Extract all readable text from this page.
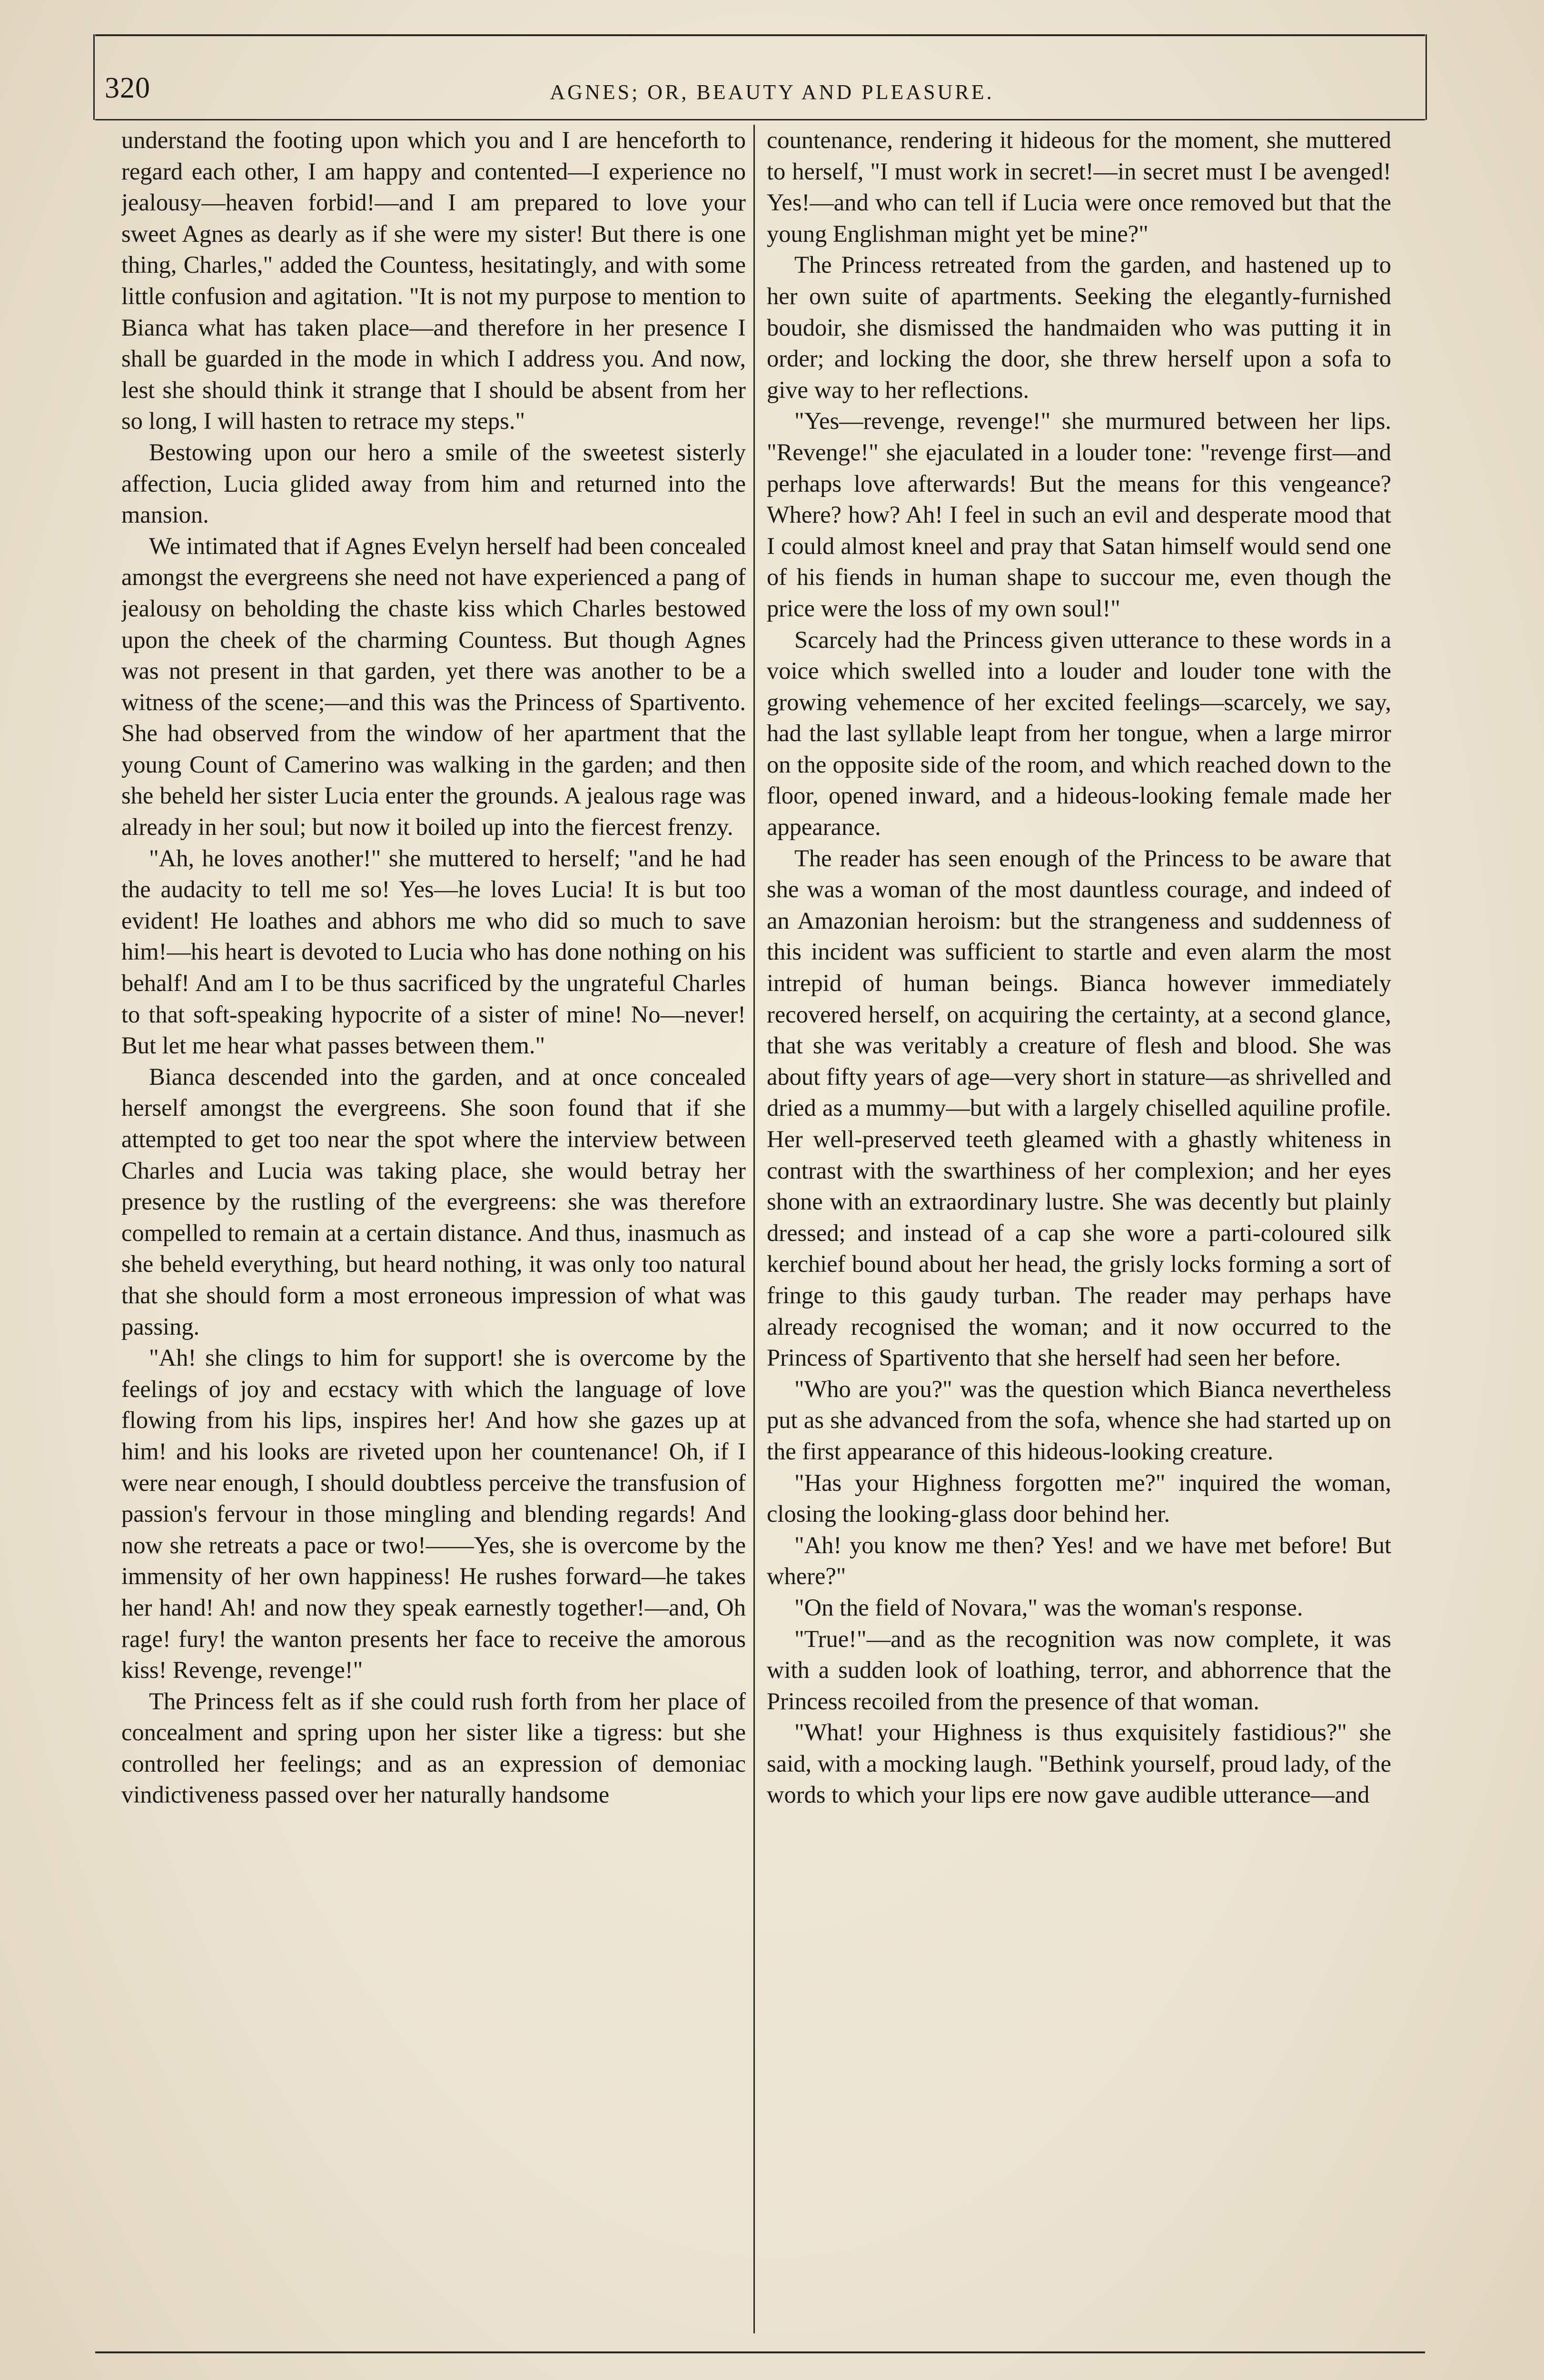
320	AGNES; OR, BEAUTY AND PLEASURE.

understand the footing upon which you and I are henceforth to regard each other, I am happy and contented—I experience no jealousy—heaven forbid!—and I am prepared to love your sweet Agnes as dearly as if she were my sister! But there is one thing, Charles," added the Countess, hesitatingly, and with some little confusion and agitation. "It is not my purpose to mention to Bianca what has taken place—and therefore in her presence I shall be guarded in the mode in which I address you. And now, lest she should think it strange that I should be absent from her so long, I will hasten to retrace my steps."

Bestowing upon our hero a smile of the sweetest sisterly affection, Lucia glided away from him and returned into the mansion.

We intimated that if Agnes Evelyn herself had been concealed amongst the evergreens she need not have experienced a pang of jealousy on beholding the chaste kiss which Charles bestowed upon the cheek of the charming Countess. But though Agnes was not present in that garden, yet there was another to be a witness of the scene;—and this was the Princess of Spartivento. She had observed from the window of her apartment that the young Count of Camerino was walking in the garden; and then she beheld her sister Lucia enter the grounds. A jealous rage was already in her soul; but now it boiled up into the fiercest frenzy.

"Ah, he loves another!" she muttered to herself; "and he had the audacity to tell me so! Yes—he loves Lucia! It is but too evident! He loathes and abhors me who did so much to save him!—his heart is devoted to Lucia who has done nothing on his behalf! And am I to be thus sacrificed by the ungrateful Charles to that soft-speaking hypocrite of a sister of mine! No—never! But let me hear what passes between them."

Bianca descended into the garden, and at once concealed herself amongst the evergreens. She soon found that if she attempted to get too near the spot where the interview between Charles and Lucia was taking place, she would betray her presence by the rustling of the evergreens: she was therefore compelled to remain at a certain distance. And thus, inasmuch as she beheld everything, but heard nothing, it was only too natural that she should form a most erroneous impression of what was passing.

"Ah! she clings to him for support! she is overcome by the feelings of joy and ecstacy with which the language of love flowing from his lips, inspires her! And how she gazes up at him! and his looks are riveted upon her countenance! Oh, if I were near enough, I should doubtless perceive the transfusion of passion's fervour in those mingling and blending regards! And now she retreats a pace or two!——Yes, she is overcome by the immensity of her own happiness! He rushes forward—he takes her hand! Ah! and now they speak earnestly together!—and, Oh rage! fury! the wanton presents her face to receive the amorous kiss! Revenge, revenge!"

The Princess felt as if she could rush forth from her place of concealment and spring upon her sister like a tigress: but she controlled her feelings; and as an expression of demoniac vindictiveness passed over her naturally handsome

countenance, rendering it hideous for the moment, she muttered to herself, "I must work in secret!—in secret must I be avenged! Yes!—and who can tell if Lucia were once removed but that the young Englishman might yet be mine?"

The Princess retreated from the garden, and hastened up to her own suite of apartments. Seeking the elegantly-furnished boudoir, she dismissed the handmaiden who was putting it in order; and locking the door, she threw herself upon a sofa to give way to her reflections.

"Yes—revenge, revenge!" she murmured between her lips. "Revenge!" she ejaculated in a louder tone: "revenge first—and perhaps love afterwards! But the means for this vengeance? Where? how? Ah! I feel in such an evil and desperate mood that I could almost kneel and pray that Satan himself would send one of his fiends in human shape to succour me, even though the price were the loss of my own soul!"

Scarcely had the Princess given utterance to these words in a voice which swelled into a louder and louder tone with the growing vehemence of her excited feelings—scarcely, we say, had the last syllable leapt from her tongue, when a large mirror on the opposite side of the room, and which reached down to the floor, opened inward, and a hideous-looking female made her appearance.

The reader has seen enough of the Princess to be aware that she was a woman of the most dauntless courage, and indeed of an Amazonian heroism: but the strangeness and suddenness of this incident was sufficient to startle and even alarm the most intrepid of human beings. Bianca however immediately recovered herself, on acquiring the certainty, at a second glance, that she was veritably a creature of flesh and blood. She was about fifty years of age—very short in stature—as shrivelled and dried as a mummy—but with a largely chiselled aquiline profile. Her well-preserved teeth gleamed with a ghastly whiteness in contrast with the swarthiness of her complexion; and her eyes shone with an extraordinary lustre. She was decently but plainly dressed; and instead of a cap she wore a parti-coloured silk kerchief bound about her head, the grisly locks forming a sort of fringe to this gaudy turban. The reader may perhaps have already recognised the woman; and it now occurred to the Princess of Spartivento that she herself had seen her before.

"Who are you?" was the question which Bianca nevertheless put as she advanced from the sofa, whence she had started up on the first appearance of this hideous-looking creature.

"Has your Highness forgotten me?" inquired the woman, closing the looking-glass door behind her.

"Ah! you know me then? Yes! and we have met before! But where?"

"On the field of Novara," was the woman's response.

"True!"—and as the recognition was now complete, it was with a sudden look of loathing, terror, and abhorrence that the Princess recoiled from the presence of that woman.

"What! your Highness is thus exquisitely fastidious?" she said, with a mocking laugh. "Bethink yourself, proud lady, of the words to which your lips ere now gave audible utterance—and
